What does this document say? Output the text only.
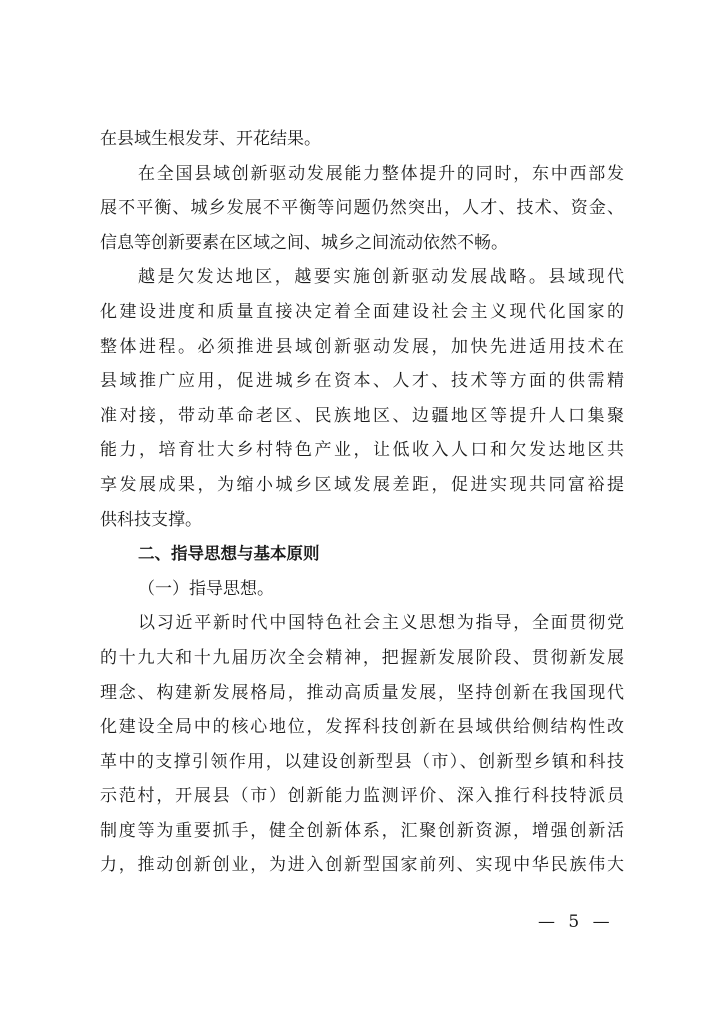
在县域生根发芽、开花结果。
在全国县域创新驱动发展能力整体提升的同时，东中西部发
展不平衡、城乡发展不平衡等问题仍然突出，人才、技术、资金、
信息等创新要素在区域之间、城乡之间流动依然不畅。
越是欠发达地区，越要实施创新驱动发展战略。县域现代
化建设进度和质量直接决定着全面建设社会主义现代化国家的
整体进程。必须推进县域创新驱动发展，加快先进适用技术在
县域推广应用，促进城乡在资本、人才、技术等方面的供需精
准对接，带动革命老区、民族地区、边疆地区等提升人口集聚
能力，培育壮大乡村特色产业，让低收入人口和欠发达地区共
享发展成果，为缩小城乡区域发展差距，促进实现共同富裕提
供科技支撑。
二、指导思想与基本原则
（一）指导思想。
以习近平新时代中国特色社会主义思想为指导，全面贯彻党
的十九大和十九届历次全会精神，把握新发展阶段、贯彻新发展
理念、构建新发展格局，推动高质量发展，坚持创新在我国现代
化建设全局中的核心地位，发挥科技创新在县域供给侧结构性改
革中的支撑引领作用，以建设创新型县（市）、创新型乡镇和科技
示范村，开展县（市）创新能力监测评价、深入推行科技特派员
制度等为重要抓手，健全创新体系，汇聚创新资源，增强创新活
力，推动创新创业，为进入创新型国家前列、实现中华民族伟大
— 5 —
